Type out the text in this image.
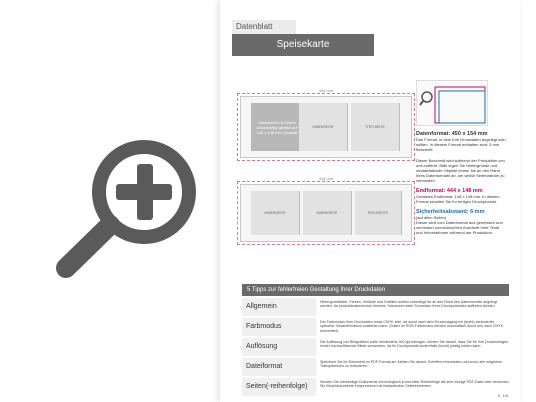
Datenblatt
Speisekarte
454 mm
Satzbereich A-Seiten Zickzackfalz gefalzt auf 148 x 148 mm Quadrat
INNENSEITE	TITELSEITE
444 mm
INNENSEITE	INNENSEITE	RÜCKSEITE
Datenformat: 450 x 154 mm
Das Format, in dem Ihre Druckdaten angelegt sein sollten. In diesem Format enthalten sind: 3 mm Beschnitt.
Dieser Beschnitt wird während der Produktion von uns entfernt. Bitte legen Sie Hintergründe und randabfallende Objekte immer bis an den Rand Ihres Datenformats an, um weiße Seitenränder zu vermeiden.
Endformat: 444 x 148 mm
Gefalztes Endformat: 148 x 148 mm. In diesem Format erhalten Sie Ihr fertiges Druckprodukt.
Sicherheitsabstand: 6 mm
(auf allen Seiten)
Dieser wird vom Datenformat aus gemessen und verhindert unerwünschten Anschnitt Ihrer Texte und Informationen während der Produktion.
5 Tipps zur fehlerfreien Gestaltung Ihrer Druckdaten
Allgemein
Hintergrundbilder, Farben, Verläufe und Grafiken sollten unbedingt bis an den Rand des Datenformats angelegt werden, da produktionstechnisch kleinere Toleranzen beim Schneiden Ihres Druckproduktes auftreten können.
Farbmodus
Der Farbmodus Ihrer Druckdaten muss CMYK sein, da sonst nach dem Druckvorgang ein (leicht) veränderter, optischer Gesamteindruck entstehen kann. (Daten im RGB-Farbmodus werden automatisch durch uns nach CMYK konvertiert).
Auflösung
Die Auflösung von Bildgrafiken sollte mindestens 300 dpi betragen. Achten Sie darauf, dass Sie für Ihre Druckvorlagen immer hochauflösende Bilder verwenden, da Ihr Druckprodukt andernfalls (leicht) pixelig wirken kann.
Dateiformat
Speichern Sie Ihr Dokument im PDF-Format ab. Achten Sie darauf, Schriften einzubetten und zuvor alle möglichen Transparenzen zu reduzieren.
Seiten(-reihenfolge)
Senden Sie mehrseitige Dokumente chronologisch in korrekter Reihenfolge als eine einzige PDF-Datei oder benennen Sie Einzeldokumente entsprechend mit fortlaufenden Seitennummern.
S. 1/8
